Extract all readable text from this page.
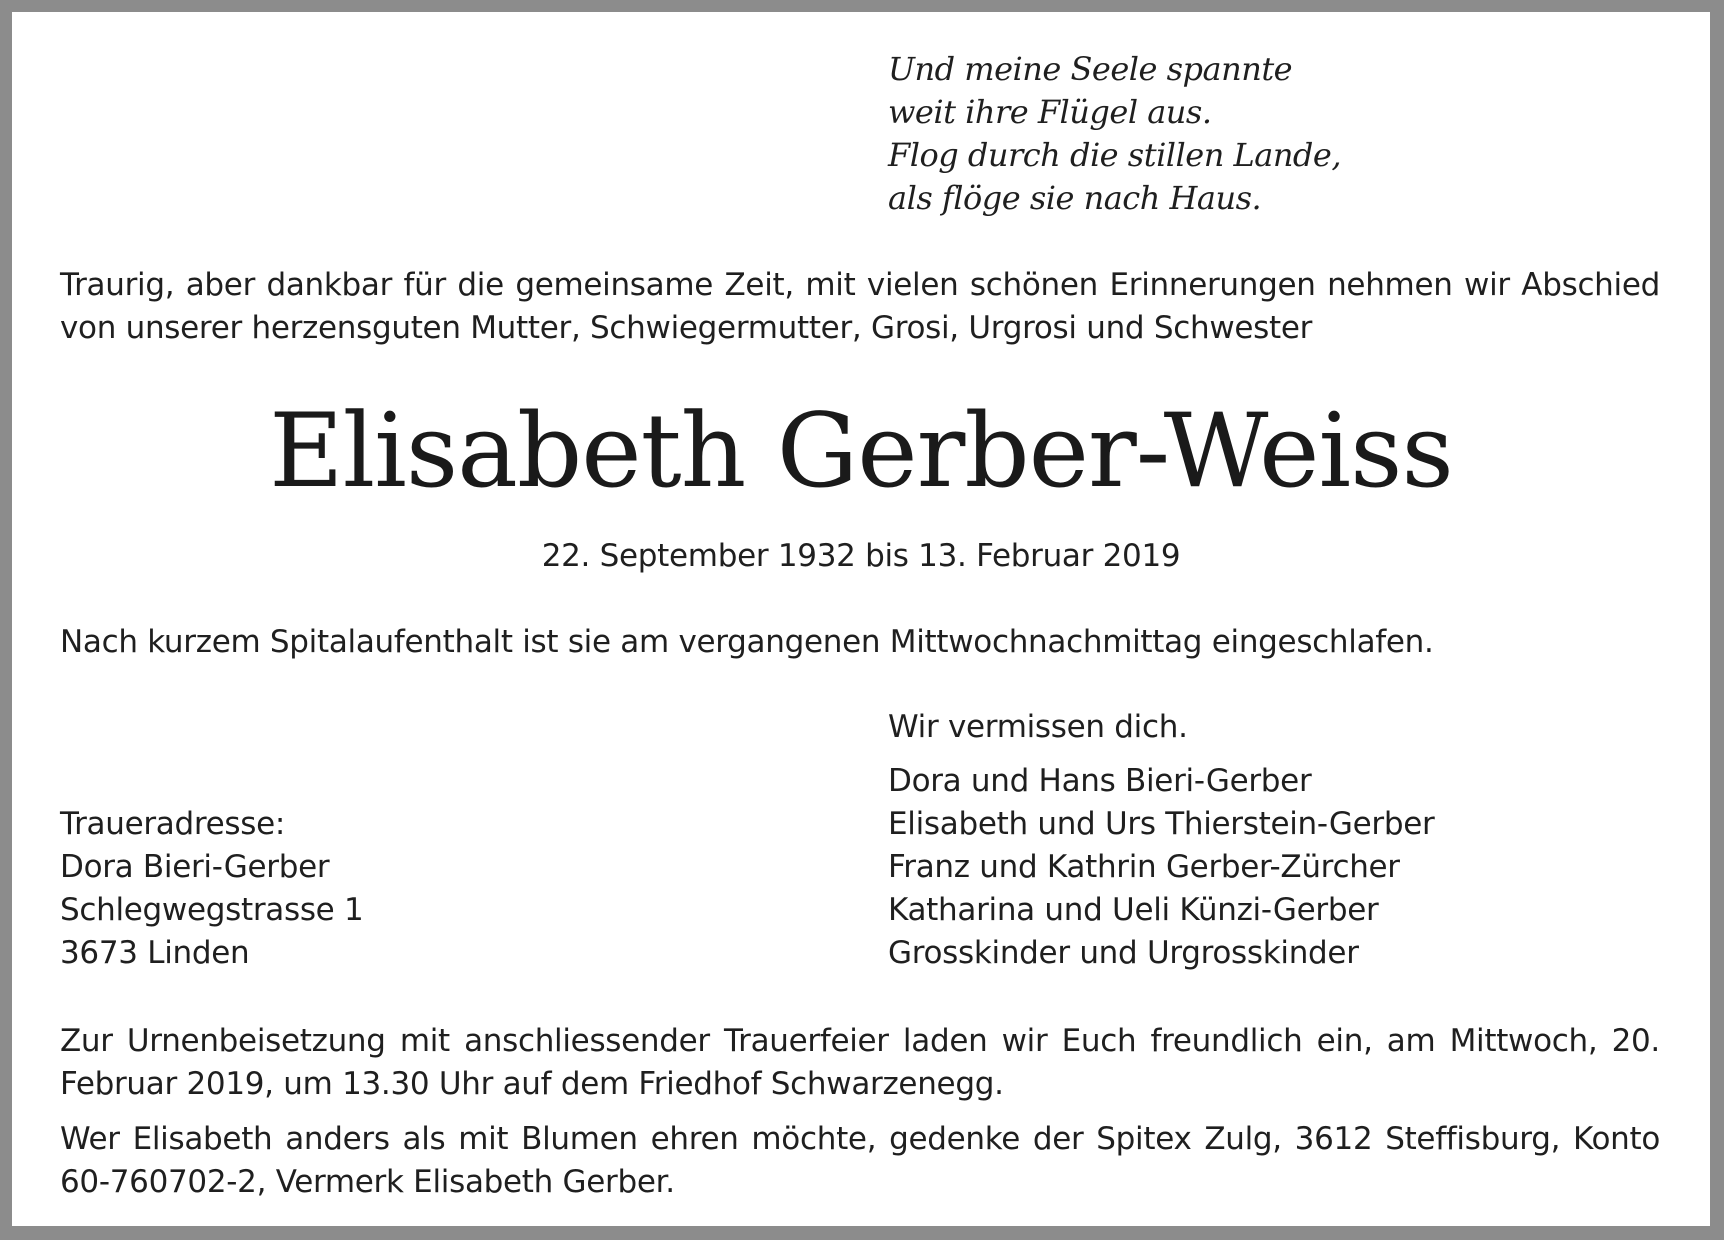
Und meine Seele spannte
weit ihre Flügel aus.
Flog durch die stillen Lande,
als flöge sie nach Haus.
Traurig, aber dankbar für die gemeinsame Zeit, mit vielen schönen Erinnerungen nehmen wir Abschied von unserer herzensguten Mutter, Schwiegermutter, Grosi, Urgrosi und Schwester
Elisabeth Gerber-Weiss
22. September 1932 bis 13. Februar 2019
Nach kurzem Spitalaufenthalt ist sie am vergangenen Mittwochnachmittag eingeschlafen.
Wir vermissen dich.
Dora und Hans Bieri-Gerber
Elisabeth und Urs Thierstein-Gerber
Franz und Kathrin Gerber-Zürcher
Katharina und Ueli Künzi-Gerber
Grosskinder und Urgrosskinder
Traueradresse:
Dora Bieri-Gerber
Schlegwegstrasse 1
3673 Linden
Zur Urnenbeisetzung mit anschliessender Trauerfeier laden wir Euch freundlich ein, am Mittwoch, 20. Februar 2019, um 13.30 Uhr auf dem Friedhof Schwarzenegg.
Wer Elisabeth anders als mit Blumen ehren möchte, gedenke der Spitex Zulg, 3612 Steffisburg, Konto 60-760702-2, Vermerk Elisabeth Gerber.
